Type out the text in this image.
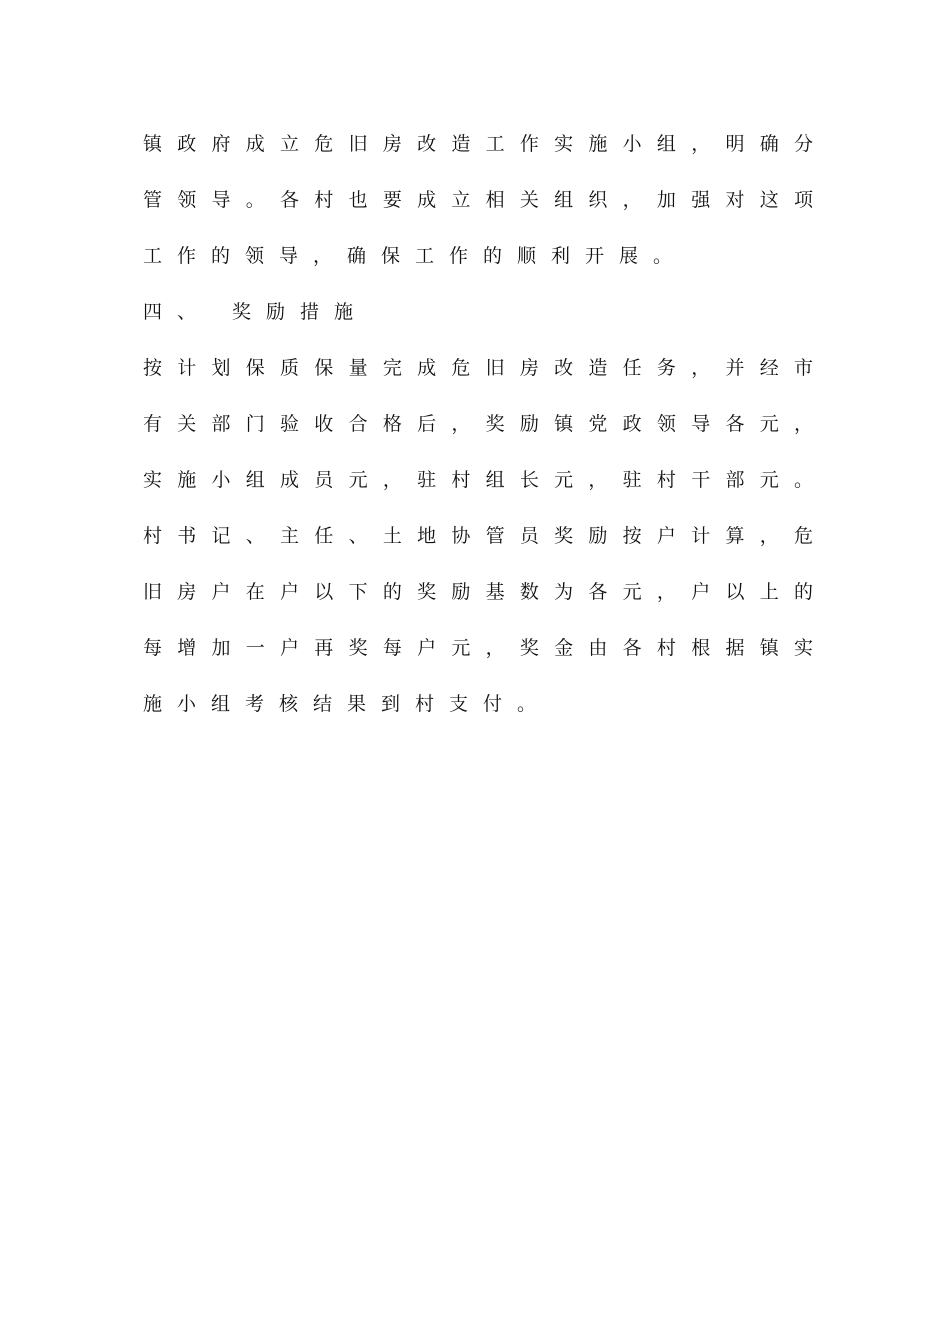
镇 政 府 成 立 危 旧 房 改 造 工 作 实 施 小 组 ， 明 确 分
管 领 导 。 各 村 也 要 成 立 相 关 组 织 ， 加 强 对 这 项
工作的领导，确保工作的顺利开展。
四、 奖励措施
按 计 划 保 质 保 量 完 成 危 旧 房 改 造 任 务 ， 并 经 市
有 关 部 门 验 收 合 格 后 ， 奖 励 镇 党 政 领 导 各 元 ，
实 施 小 组 成 员 元 ， 驻 村 组 长 元 ， 驻 村 干 部 元 。
村 书 记 、 主 任 、 土 地 协 管 员 奖 励 按 户 计 算 ， 危
旧 房 户 在 户 以 下 的 奖 励 基 数 为 各 元 ， 户 以 上 的
每 增 加 一 户 再 奖 每 户 元 ， 奖 金 由 各 村 根 据 镇 实
施小组考核结果到村支付。
